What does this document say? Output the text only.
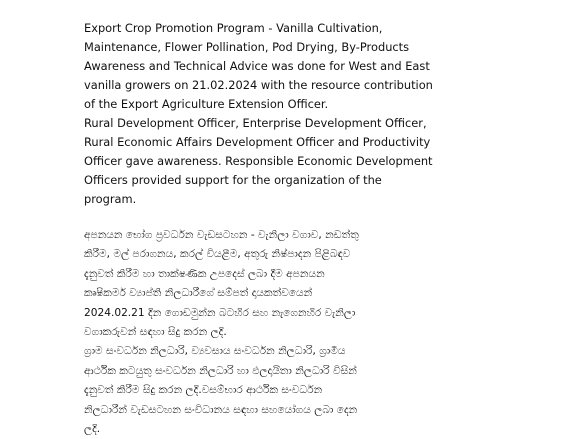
Export Crop Promotion Program - Vanilla Cultivation,
Maintenance, Flower Pollination, Pod Drying, By-Products
Awareness and Technical Advice was done for West and East
vanilla growers on 21.02.2024 with the resource contribution
of the Export Agriculture Extension Officer.

Rural Development Officer, Enterprise Development Officer,
Rural Economic Affairs Development Officer and Productivity
Officer gave awareness. Responsible Economic Development
Officers provided support for the organization of the
program.

අපනයන භෝග ප්‍රවර්ධන වැඩසටහන - වැනිලා වගාව, නඩත්තු
කිරීම, මල් පරාගනය, කරල් වියළීම, අතුරු නිෂ්පාදන පිළිබඳව
දැනුවත් කිරීම හා තාක්ෂණික උපදෙස් ලබා දීම අපනයන
කෘෂිකර්ම ව්‍යාප්ති නිලධාරීගේ සම්පත් දායකත්වයෙන්
2024.02.21 දින ගොඩමුන්න බටහිර සහ නැගෙනහිර වැනිලා
වගාකරුවන් සඳහා සිදු කරන ලදි.

ග්‍රාම සංවර්ධන නිලධාරි, ව්‍යවසාය සංවර්ධන නිලධාරි, ග්‍රාමීය
ආර්ථික කටයුතු සංවර්ධන නිලධාරි හා ඵලදායිතා නිලධාරි විසින්
දැනුවත් කිරීම සිදු කරන ලදි.වසම්භාර ආර්ථික සංවර්ධන
නිලධාරීන් වැඩසටහන සංවිධානය සඳහා සහයෝගය ලබා දෙන
ලදි.
